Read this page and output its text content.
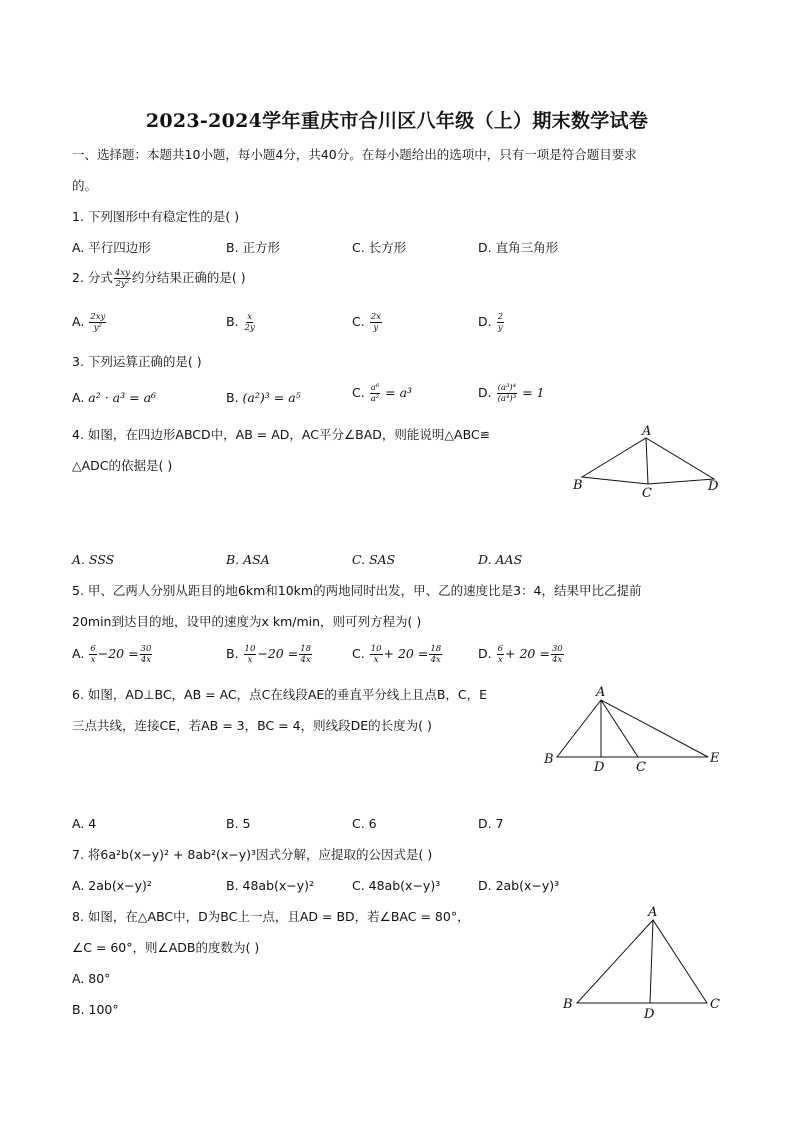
2023-2024学年重庆市合川区八年级（上）期末数学试卷
一、选择题：本题共10小题，每小题4分，共40分。在每小题给出的选项中，只有一项是符合题目要求
的。
1. 下列图形中有稳定性的是( )
A. 平行四边形	B. 正方形	C. 长方形	D. 直角三角形
2. 分式 $\frac{4xy}{\text{2y²}}$ 约分结果正确的是( )
A. $\frac{2xy}{\text{y²}}$	B. $\frac{x}{2y}$	C. $\frac{2x}{y}$	D. $\frac{2}{y}$
3. 下列运算正确的是( )
A. a² · a³ = a⁶	B. (a²)³ = a⁵	C. $\frac{\text{a⁶}}{\text{a²}} = a^3$	D. $\frac{\text{(a³)⁴}}{\text{(a⁴)³}} = 1$
4. 如图，在四边形ABCD中，AB = AD，AC平分∠BAD，则能说明△ABC≌
△ADC的依据是( )
A
B
C	D
A. SSS	B. ASA	C. SAS	D. AAS
5. 甲、乙两人分别从距目的地6km和10km的两地同时出发，甲、乙的速度比是3：4，结果甲比乙提前
20min到达目的地，设甲的速度为x km/min，则可列方程为( )
A. $\frac{6}{x} -20 = \frac{30}{4x}$	B. $\frac{10}{x} -20 = \frac{18}{4x}$	C. $\frac{10}{x} + 20 = \frac{18}{4x}$	D. $\frac{6}{x} + 20 = \frac{30}{4x}$
6. 如图，AD⊥BC，AB = AC，点C在线段AE的垂直平分线上且点B，C，E
三点共线，连接CE，若AB = 3，BC = 4，则线段DE的长度为( )
A
B
D C
E
A. 4	B. 5	C. 6	D. 7
7. 将6a²b(x−y)² + 8ab²(x−y)³因式分解，应提取的公因式是( )
A. 2ab(x−y)²	B. 48ab(x−y)²	C. 48ab(x−y)³	D. 2ab(x−y)³
8. 如图，在△ABC中，D为BC上一点，且AD = BD，若∠BAC = 80°，
∠C = 60°，则∠ADB的度数为( )
A. 80°
B. 100°
A
B
D
C
